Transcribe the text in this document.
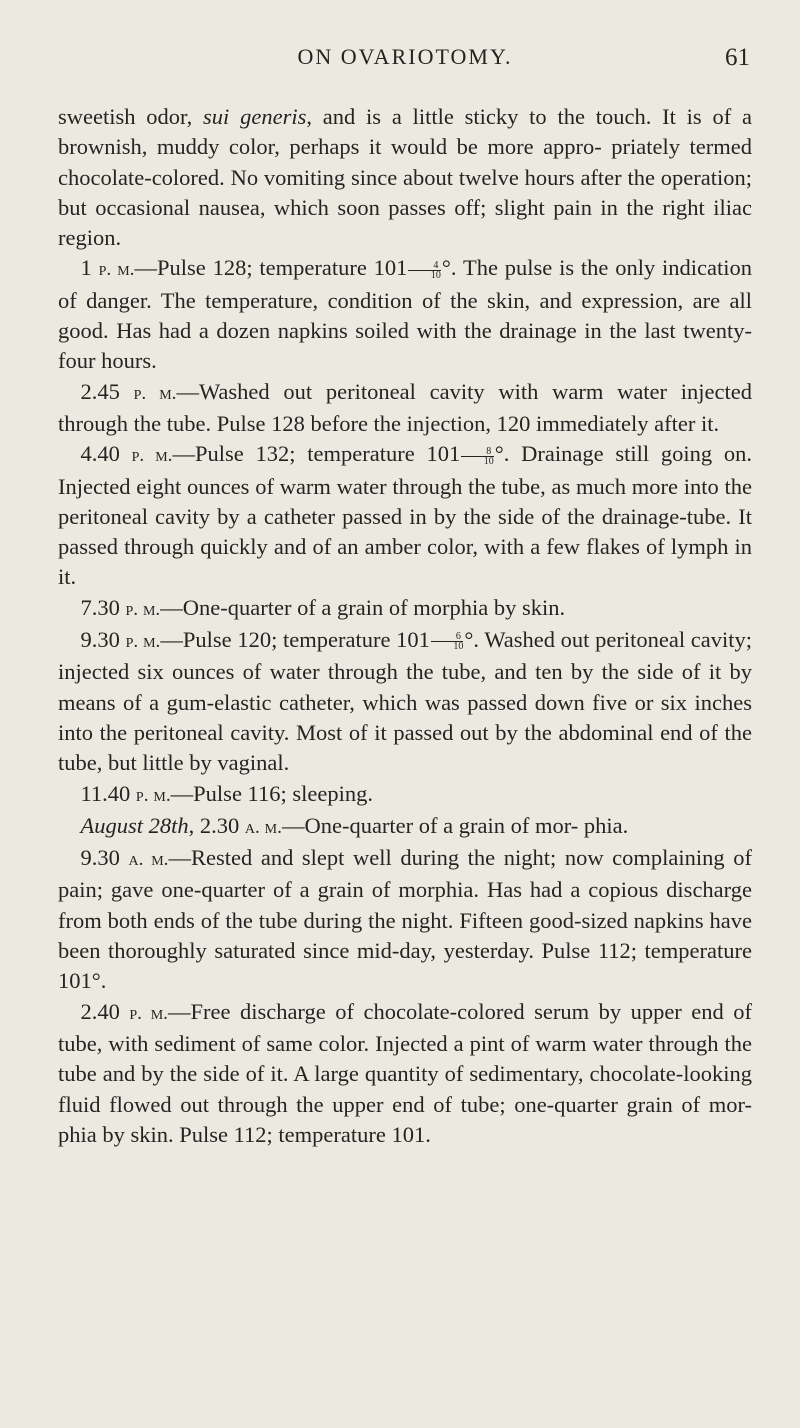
ON OVARIOTOMY.	61

sweetish odor, sui generis, and is a little sticky to the touch. It is of a brownish, muddy color, perhaps it would be more appro- priately termed chocolate-colored. No vomiting since about twelve hours after the operation; but occasional nausea, which soon passes off; slight pain in the right iliac region.

1 p. m.—Pulse 128; temperature $101 \frac{4}{10}$ °. The pulse is the only indication of danger. The temperature, condition of the skin, and expression, are all good. Has had a dozen napkins soiled with the drainage in the last twenty-four hours.

2.45 p. m.—Washed out peritoneal cavity with warm water injected through the tube. Pulse 128 before the injection, 120 immediately after it.

4.40 p. m.—Pulse 132; temperature $101 \frac{8}{10}$ °. Drainage still going on. Injected eight ounces of warm water through the tube, as much more into the peritoneal cavity by a catheter passed in by the side of the drainage-tube. It passed through quickly and of an amber color, with a few flakes of lymph in it.

7.30 p. m.—One-quarter of a grain of morphia by skin.

9.30 p. m.—Pulse 120; temperature $101 \frac{6}{10}$ °. Washed out peritoneal cavity; injected six ounces of water through the tube, and ten by the side of it by means of a gum-elastic catheter, which was passed down five or six inches into the peritoneal cavity. Most of it passed out by the abdominal end of the tube, but little by vaginal.

11.40 p. m.—Pulse 116; sleeping.

August 28th, 2.30 a. m.—One-quarter of a grain of mor- phia.

9.30 a. m.—Rested and slept well during the night; now complaining of pain; gave one-quarter of a grain of morphia. Has had a copious discharge from both ends of the tube during the night. Fifteen good-sized napkins have been thoroughly saturated since mid-day, yesterday. Pulse 112; temperature 101°.

2.40 p. m.—Free discharge of chocolate-colored serum by upper end of tube, with sediment of same color. Injected a pint of warm water through the tube and by the side of it. A large quantity of sedimentary, chocolate-looking fluid flowed out through the upper end of tube; one-quarter grain of mor- phia by skin. Pulse 112; temperature 101.
